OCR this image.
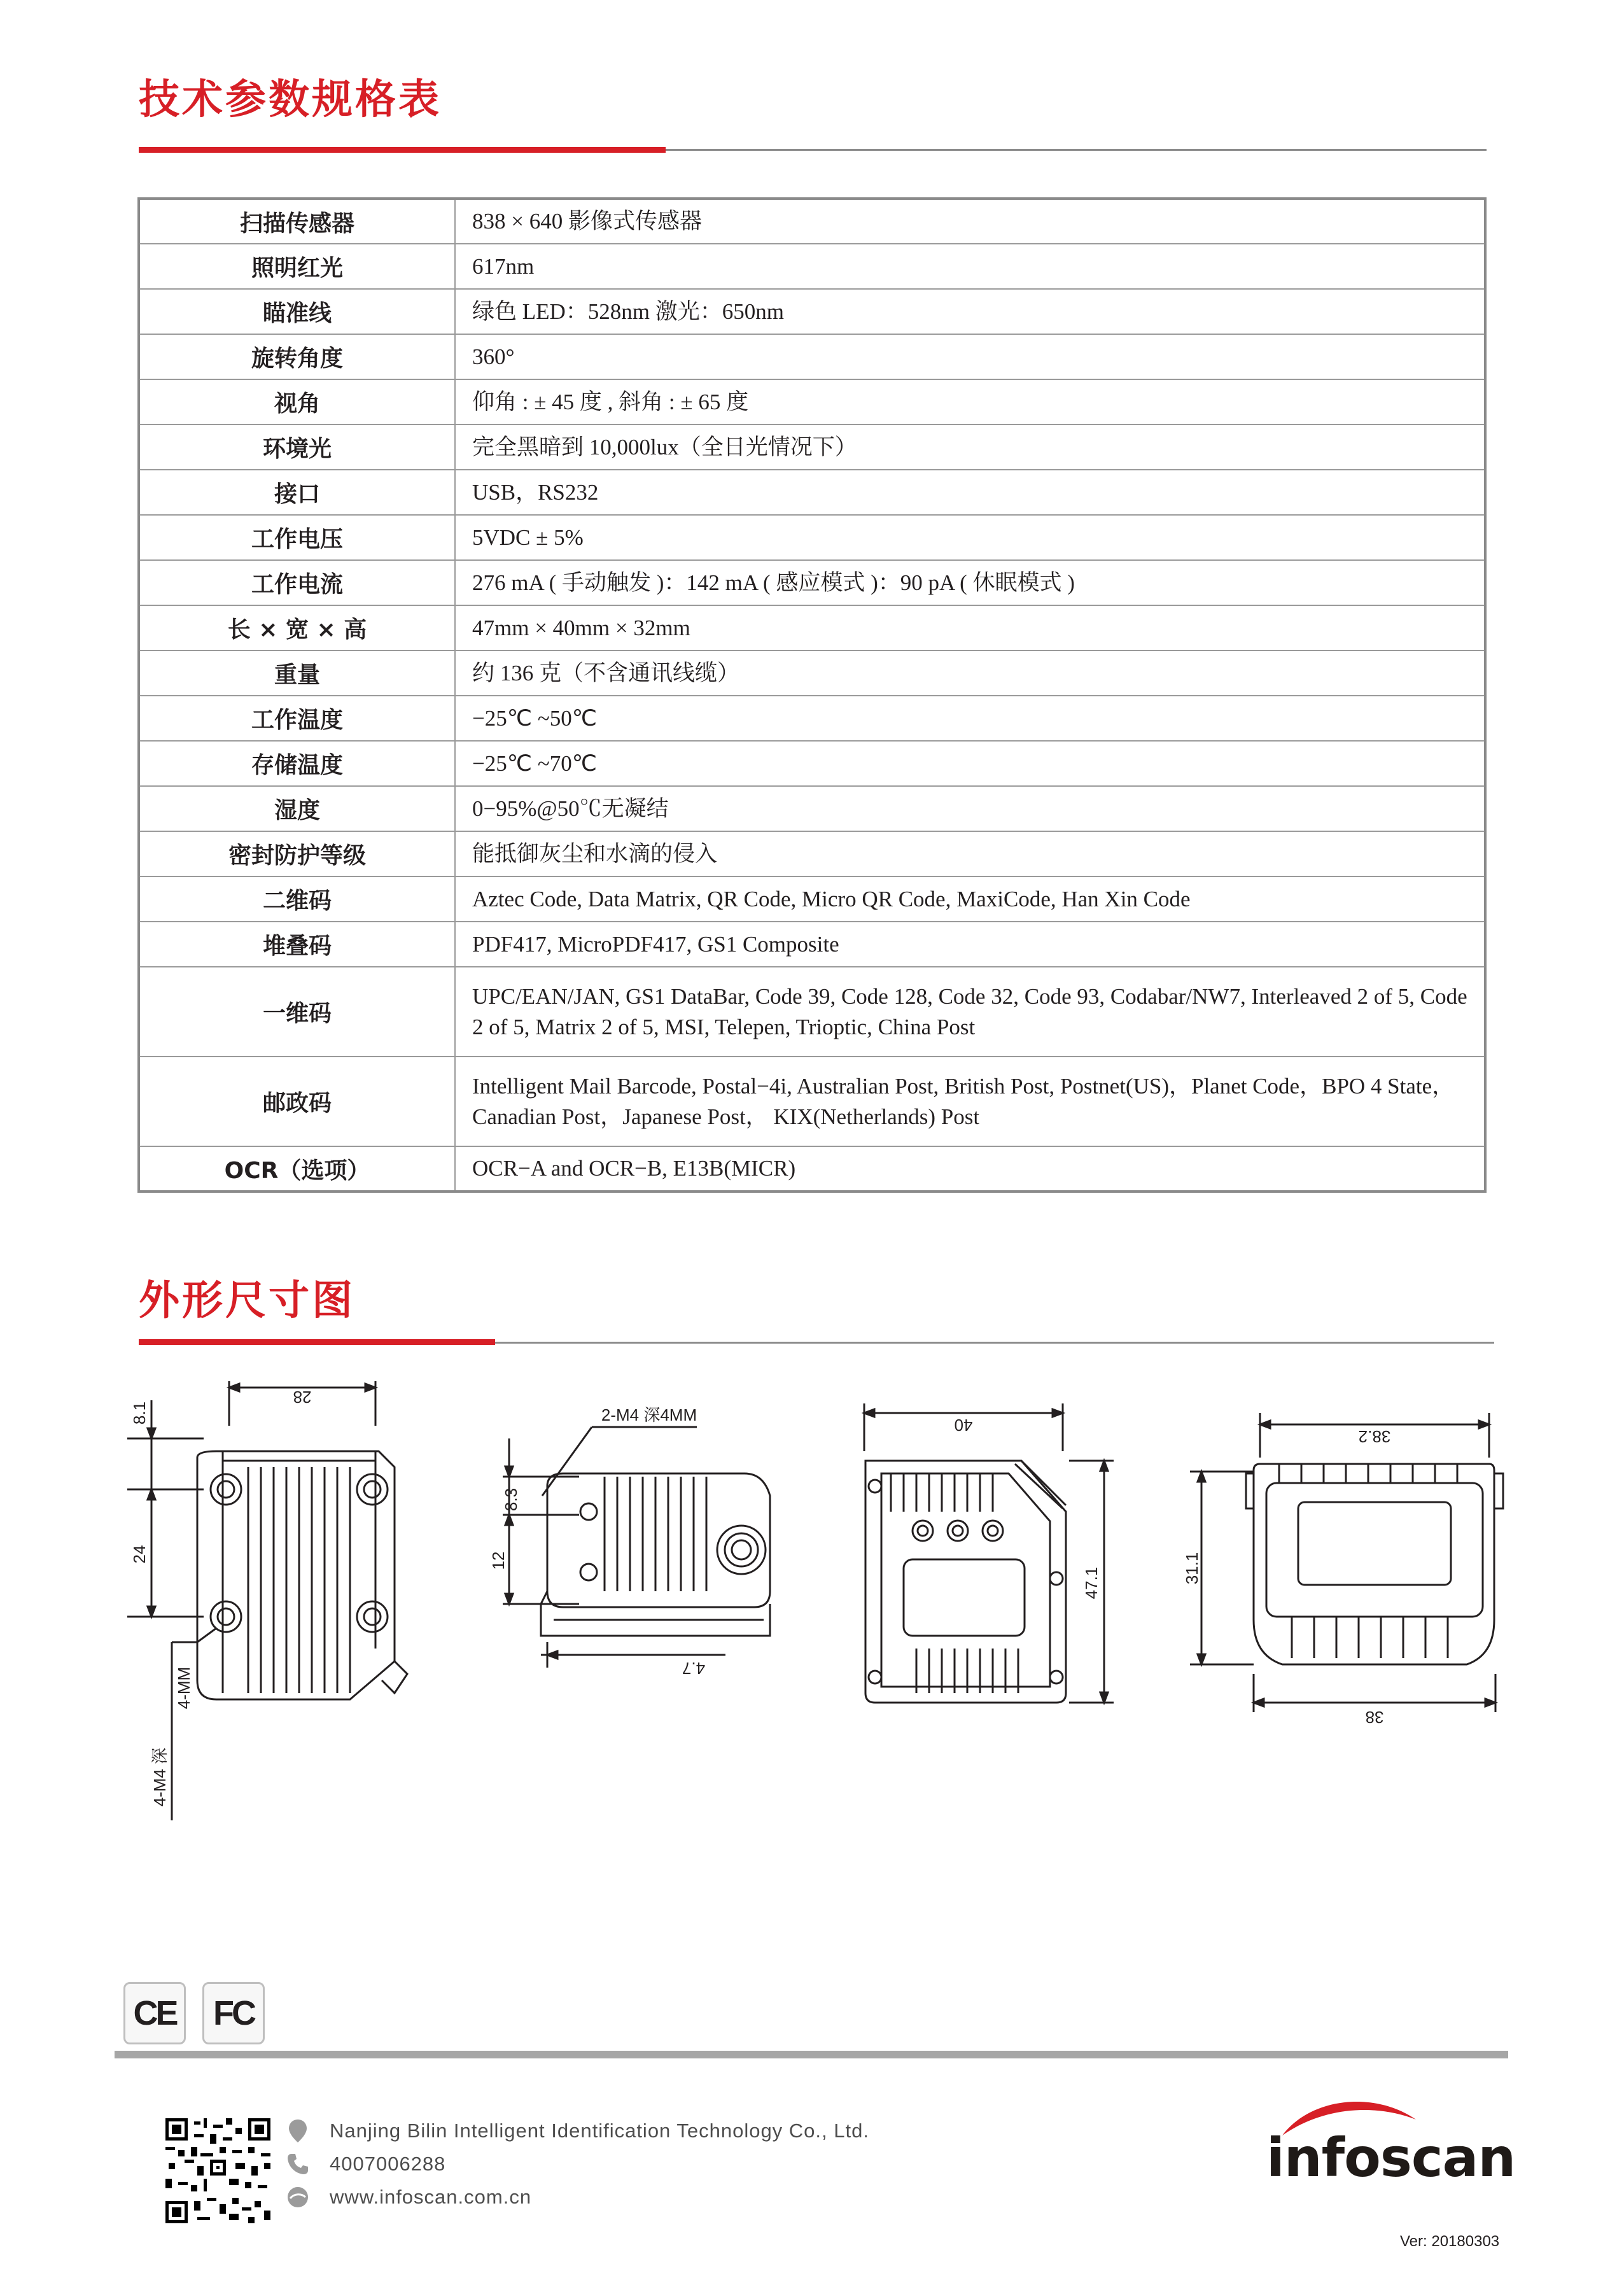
技术参数规格表
扫描传感器	838 × 640 影像式传感器
照明红光	617nm
瞄准线	绿色 LED：528nm 激光：650nm
旋转角度	360°
视角	仰角 : ± 45 度 , 斜角 : ± 65 度
环境光	完全黑暗到 10,000lux（全日光情况下）
接口	USB，RS232
工作电压	5VDC ± 5%
工作电流	276 mA ( 手动触发 )：142 mA ( 感应模式 )：90 pA ( 休眠模式 )
长 × 宽 × 高	47mm × 40mm × 32mm
重量	约 136 克（不含通讯线缆）
工作温度	−25℃ ~50℃
存储温度	−25℃ ~70℃
湿度	0−95%@50℃无凝结
密封防护等级	能抵御灰尘和水滴的侵入
二维码	Aztec Code, Data Matrix, QR Code, Micro QR Code, MaxiCode, Han Xin Code
堆叠码	PDF417, MicroPDF417, GS1 Composite
一维码	UPC/EAN/JAN, GS1 DataBar, Code 39, Code 128, Code 32, Code 93, Codabar/NW7, Interleaved 2 of 5, Code 2 of 5, Matrix 2 of 5, MSI, Telepen, Trioptic, China Post
邮政码	Intelligent Mail Barcode, Postal−4i, Australian Post, British Post, Postnet(US)，Planet Code，BPO 4 State，Canadian Post，Japanese Post， KIX(Netherlands) Post
OCR（选项）	OCR−A and OCR−B, E13B(MICR)
外形尺寸图
28
8.1
24
4-MM
4-M4 深
2-M4 深4MM
8.3
12
4.7
40
47.1
38.2
31.1
38
CE	FC
Nanjing Bilin Intelligent Identification Technology Co., Ltd.
4007006288
www.infoscan.com.cn
infoscan
Ver: 20180303
